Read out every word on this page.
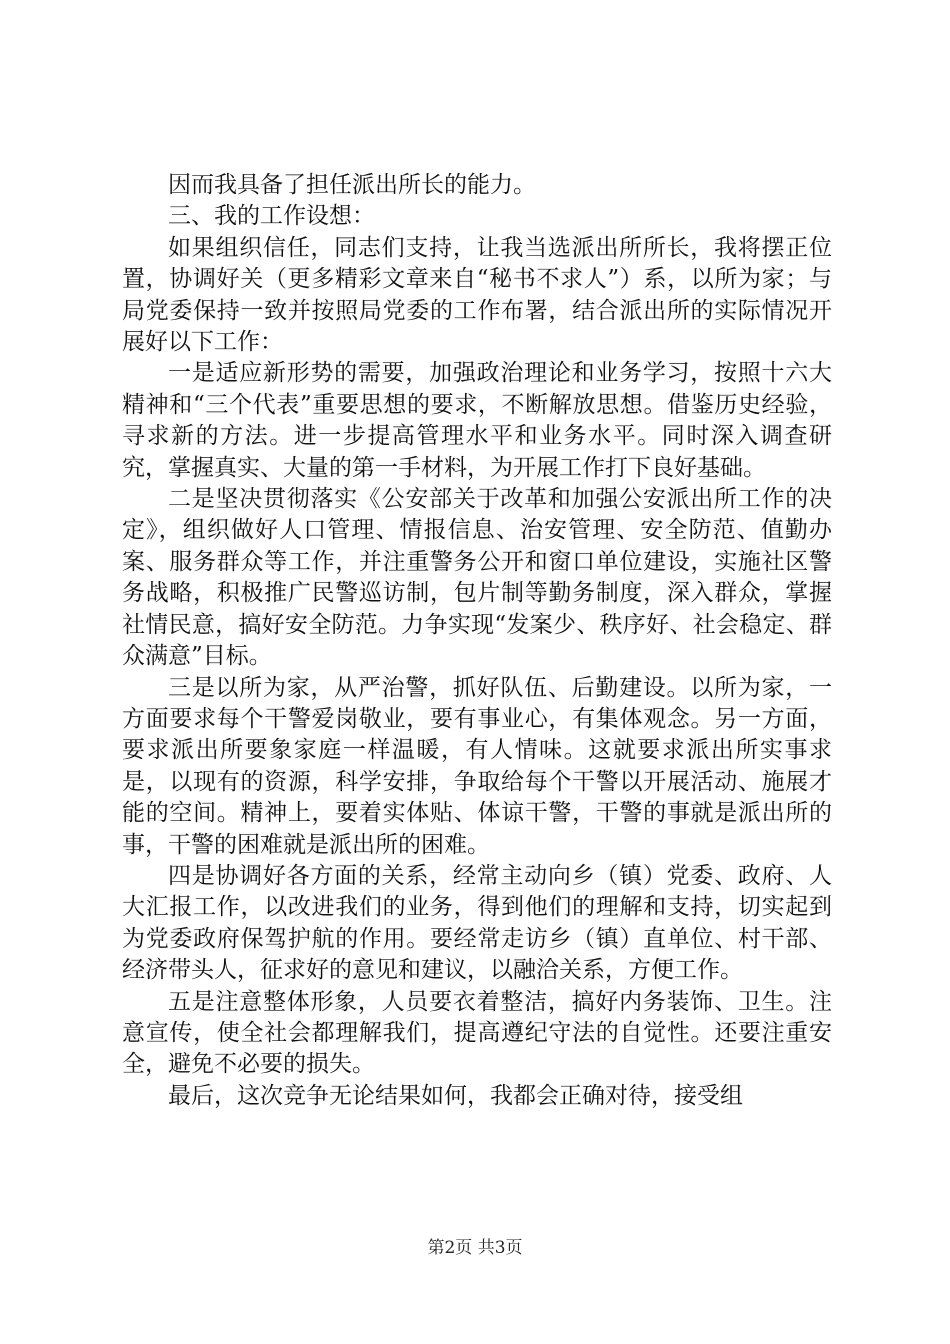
因而我具备了担任派出所长的能力。

三、我的工作设想：

如果组织信任，同志们支持，让我当选派出所所长，我将摆正位置，协调好关（更多精彩文章来自“秘书不求人”）系，以所为家；与局党委保持一致并按照局党委的工作布署，结合派出所的实际情况开展好以下工作：

一是适应新形势的需要，加强政治理论和业务学习，按照十六大精神和“三个代表”重要思想的要求，不断解放思想。借鉴历史经验，寻求新的方法。进一步提高管理水平和业务水平。同时深入调查研究，掌握真实、大量的第一手材料，为开展工作打下良好基础。

二是坚决贯彻落实《公安部关于改革和加强公安派出所工作的决定》，组织做好人口管理、情报信息、治安管理、安全防范、值勤办案、服务群众等工作，并注重警务公开和窗口单位建设，实施社区警务战略，积极推广民警巡访制，包片制等勤务制度，深入群众，掌握社情民意，搞好安全防范。力争实现“发案少、秩序好、社会稳定、群众满意”目标。

三是以所为家，从严治警，抓好队伍、后勤建设。以所为家，一方面要求每个干警爱岗敬业，要有事业心，有集体观念。另一方面，要求派出所要象家庭一样温暖，有人情味。这就要求派出所实事求是，以现有的资源，科学安排，争取给每个干警以开展活动、施展才能的空间。精神上，要着实体贴、体谅干警，干警的事就是派出所的事，干警的困难就是派出所的困难。

四是协调好各方面的关系，经常主动向乡（镇）党委、政府、人大汇报工作，以改进我们的业务，得到他们的理解和支持，切实起到为党委政府保驾护航的作用。要经常走访乡（镇）直单位、村干部、经济带头人，征求好的意见和建议，以融洽关系，方便工作。

五是注意整体形象，人员要衣着整洁，搞好内务装饰、卫生。注意宣传，使全社会都理解我们，提高遵纪守法的自觉性。还要注重安全，避免不必要的损失。

最后，这次竞争无论结果如何，我都会正确对待，接受组

第2页 共3页
